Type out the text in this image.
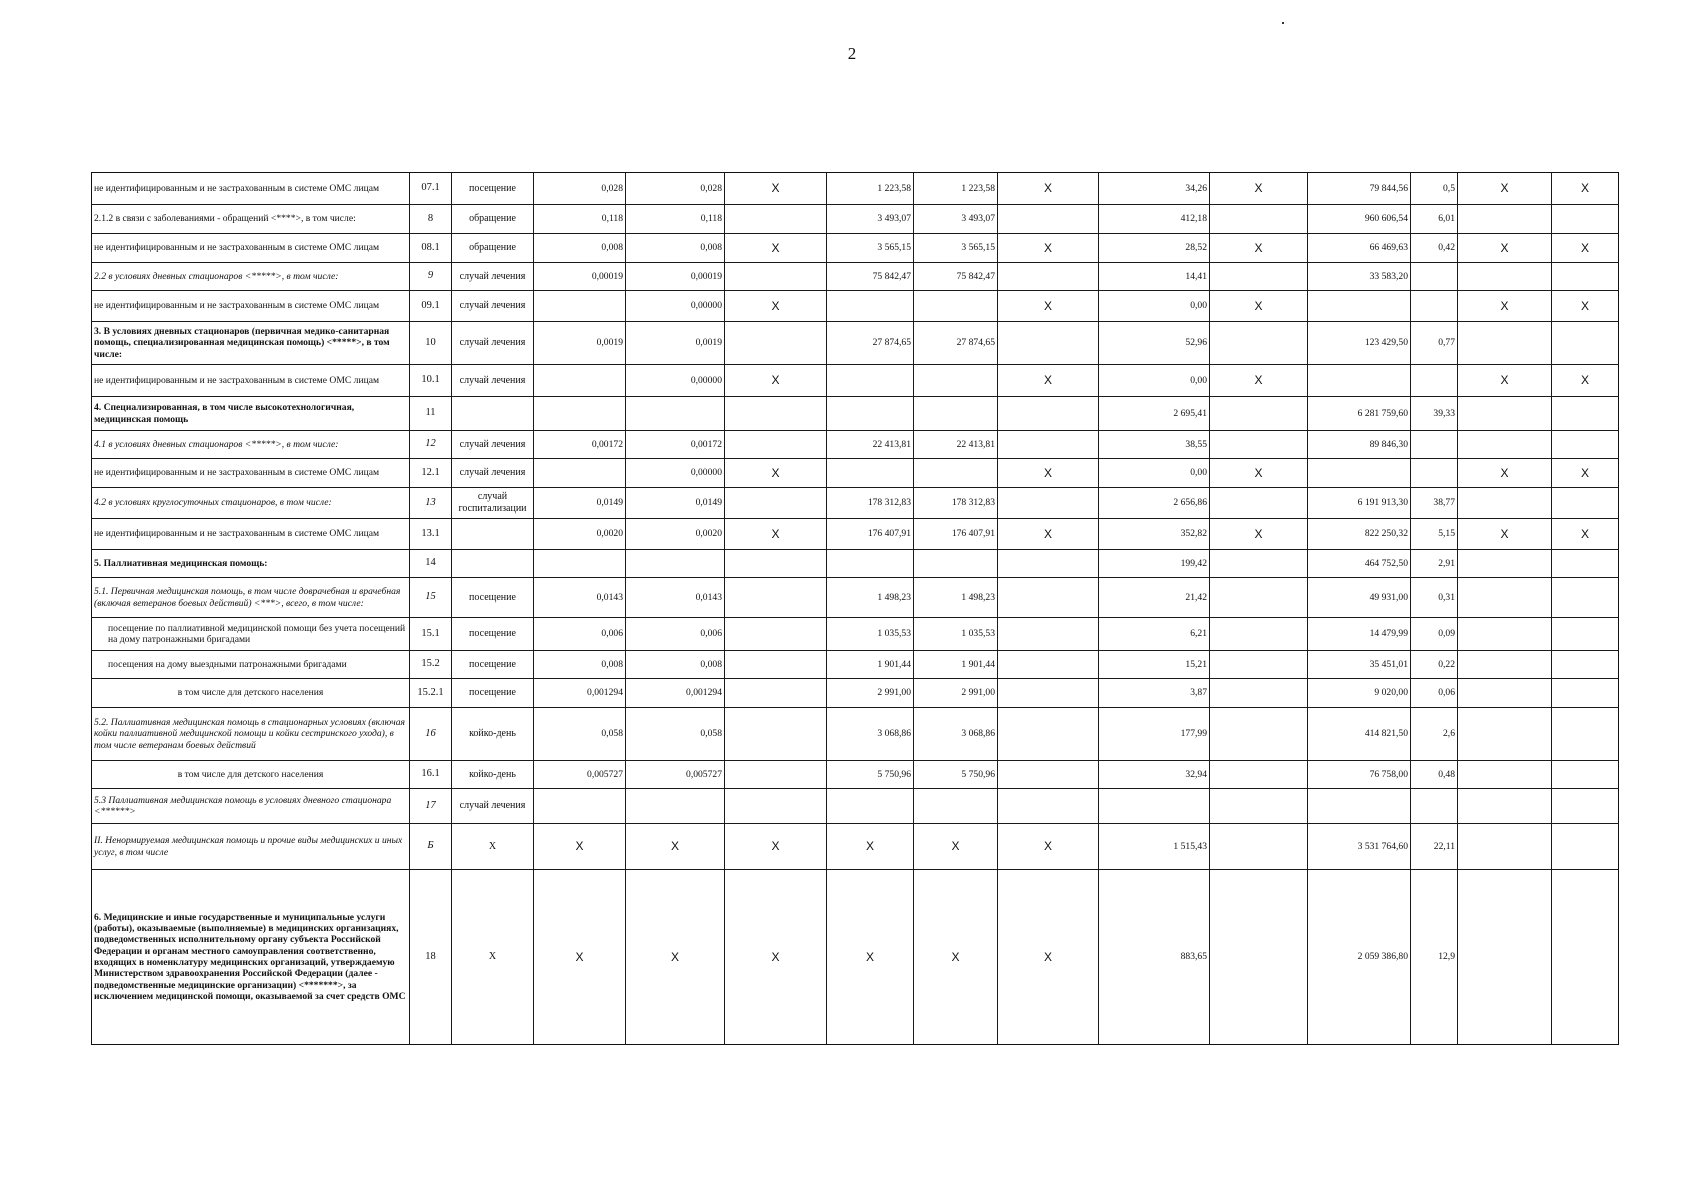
2
не идентифицированным и не застрахованным в системе ОМС лицам	07.1	посещение	0,028	0,028	X	1 223,58	1 223,58	X	34,26	X	79 844,56	0,5	X	X
2.1.2 в связи с заболеваниями - обращений <****>, в том числе:	8	обращение	0,118	0,118		3 493,07	3 493,07		412,18		960 606,54	6,01		
не идентифицированным и не застрахованным в системе ОМС лицам	08.1	обращение	0,008	0,008	X	3 565,15	3 565,15	X	28,52	X	66 469,63	0,42	X	X
2.2 в условиях дневных стационаров <*****>, в том числе:	9	случай лечения	0,00019	0,00019		75 842,47	75 842,47		14,41		33 583,20			
не идентифицированным и не застрахованным в системе ОМС лицам	09.1	случай лечения		0,00000	X			X	0,00	X			X	X
3. В условиях дневных стационаров (первичная медико-санитарная помощь, специализированная медицинская помощь) <*****>, в том числе:	10	случай лечения	0,0019	0,0019		27 874,65	27 874,65		52,96		123 429,50	0,77		
не идентифицированным и не застрахованным в системе ОМС лицам	10.1	случай лечения		0,00000	X			X	0,00	X			X	X
4. Специализированная, в том числе высокотехнологичная, медицинская помощь	11								2 695,41		6 281 759,60	39,33		
4.1 в условиях дневных стационаров <*****>, в том числе:	12	случай лечения	0,00172	0,00172		22 413,81	22 413,81		38,55		89 846,30			
не идентифицированным и не застрахованным в системе ОМС лицам	12.1	случай лечения		0,00000	X			X	0,00	X			X	X
4.2 в условиях круглосуточных стационаров, в том числе:	13	случай госпитализации	0,0149	0,0149		178 312,83	178 312,83		2 656,86		6 191 913,30	38,77		
не идентифицированным и не застрахованным в системе ОМС лицам	13.1		0,0020	0,0020	X	176 407,91	176 407,91	X	352,82	X	822 250,32	5,15	X	X
5. Паллиативная медицинская помощь:	14								199,42		464 752,50	2,91		
5.1. Первичная медицинская помощь, в том числе доврачебная и врачебная (включая ветеранов боевых действий) <***>, всего, в том числе:	15	посещение	0,0143	0,0143		1 498,23	1 498,23		21,42		49 931,00	0,31		
посещение по паллиативной медицинской помощи без учета посещений на дому патронажными бригадами	15.1	посещение	0,006	0,006		1 035,53	1 035,53		6,21		14 479,99	0,09		
посещения на дому выездными патронажными бригадами	15.2	посещение	0,008	0,008		1 901,44	1 901,44		15,21		35 451,01	0,22		
в том числе для детского населения	15.2.1	посещение	0,001294	0,001294		2 991,00	2 991,00		3,87		9 020,00	0,06		
5.2. Паллиативная медицинская помощь в стационарных условиях (включая койки паллиативной медицинской помощи и койки сестринского ухода), в том числе ветеранам боевых действий	16	койко-день	0,058	0,058		3 068,86	3 068,86		177,99		414 821,50	2,6		
в том числе для детского населения	16.1	койко-день	0,005727	0,005727		5 750,96	5 750,96		32,94		76 758,00	0,48		
5.3 Паллиативная медицинская помощь в условиях дневного стационара <******>	17	случай лечения												
II. Ненормируемая медицинская помощь и прочие виды медицинских и иных услуг, в том числе	Б	X	X	X	X	X	X	X	1 515,43		3 531 764,60	22,11		
6. Медицинские и иные государственные и муниципальные услуги (работы), оказываемые (выполняемые) в медицинских организациях, подведомственных исполнительному органу субъекта Российской Федерации и органам местного самоуправления соответственно, входящих в номенклатуру медицинских организаций, утверждаемую Министерством здравоохранения Российской Федерации (далее - подведомственные медицинские организации) <*******>, за исключением медицинской помощи, оказываемой за счет средств ОМС	18	X	X	X	X	X	X	X	883,65		2 059 386,80	12,9		
